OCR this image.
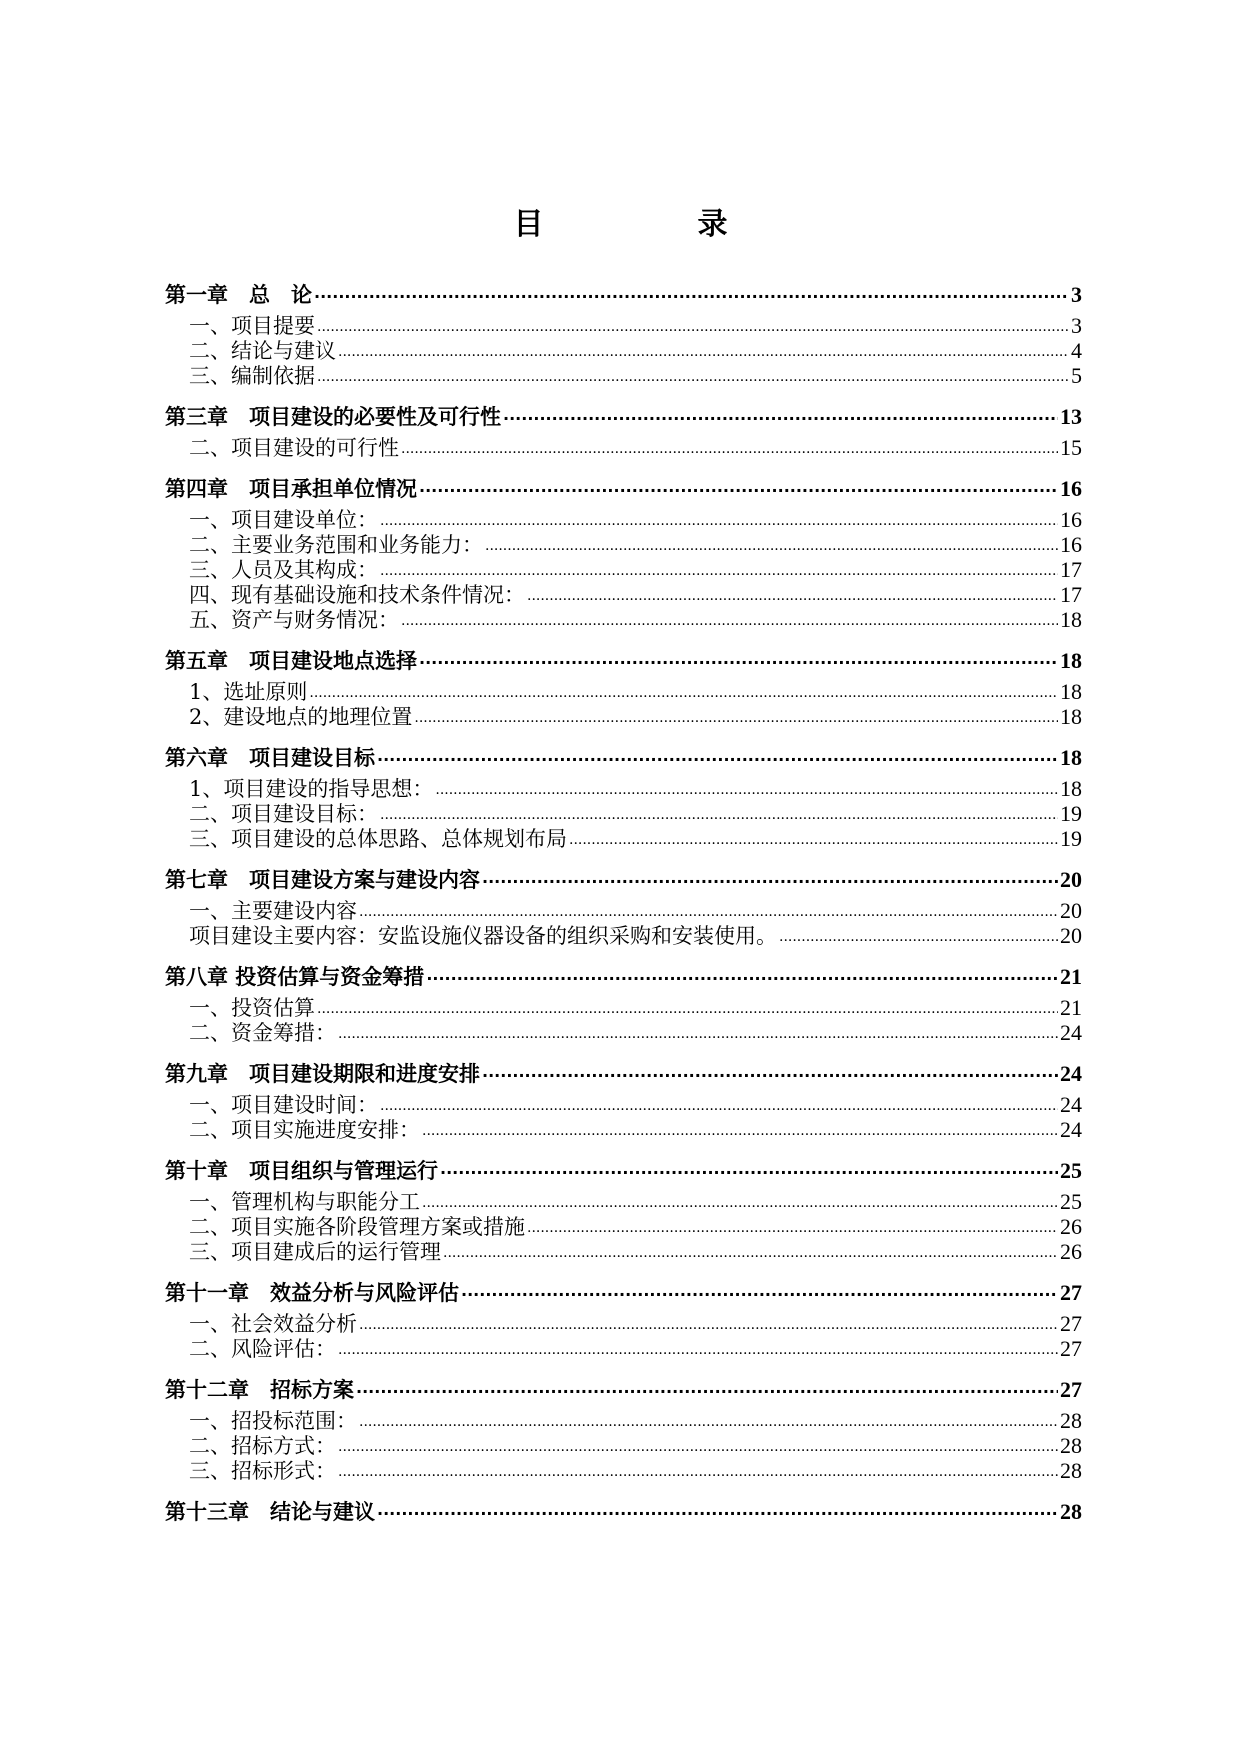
目　录
第一章　总　论 .....	3
一、项目提要 .....	3
二、结论与建议 .....	4
三、编制依据 .....	5
第三章　项目建设的必要性及可行性 .....	13
二、项目建设的可行性 .....	15
第四章　项目承担单位情况 .....	16
一、项目建设单位： .....	16
二、主要业务范围和业务能力： .....	16
三、人员及其构成： .....	17
四、现有基础设施和技术条件情况： .....	17
五、资产与财务情况： .....	18
第五章　项目建设地点选择 .....	18
1、选址原则 .....	18
2、建设地点的地理位置 .....	18
第六章　项目建设目标 .....	18
1、项目建设的指导思想： .....	18
二、项目建设目标： .....	19
三、项目建设的总体思路、总体规划布局 .....	19
第七章　项目建设方案与建设内容 .....	20
一、主要建设内容 .....	20
项目建设主要内容：安监设施仪器设备的组织采购和安装使用。 .....	20
第八章 投资估算与资金筹措 .....	21
一、投资估算 .....	21
二、资金筹措： .....	24
第九章　项目建设期限和进度安排 .....	24
一、项目建设时间： .....	24
二、项目实施进度安排： .....	24
第十章　项目组织与管理运行 .....	25
一、管理机构与职能分工 .....	25
二、项目实施各阶段管理方案或措施 .....	26
三、项目建成后的运行管理 .....	26
第十一章　效益分析与风险评估 .....	27
一、社会效益分析 .....	27
二、风险评估： .....	27
第十二章　招标方案 .....	27
一、招投标范围： .....	28
二、招标方式： .....	28
三、招标形式： .....	28
第十三章　结论与建议 .....	28
